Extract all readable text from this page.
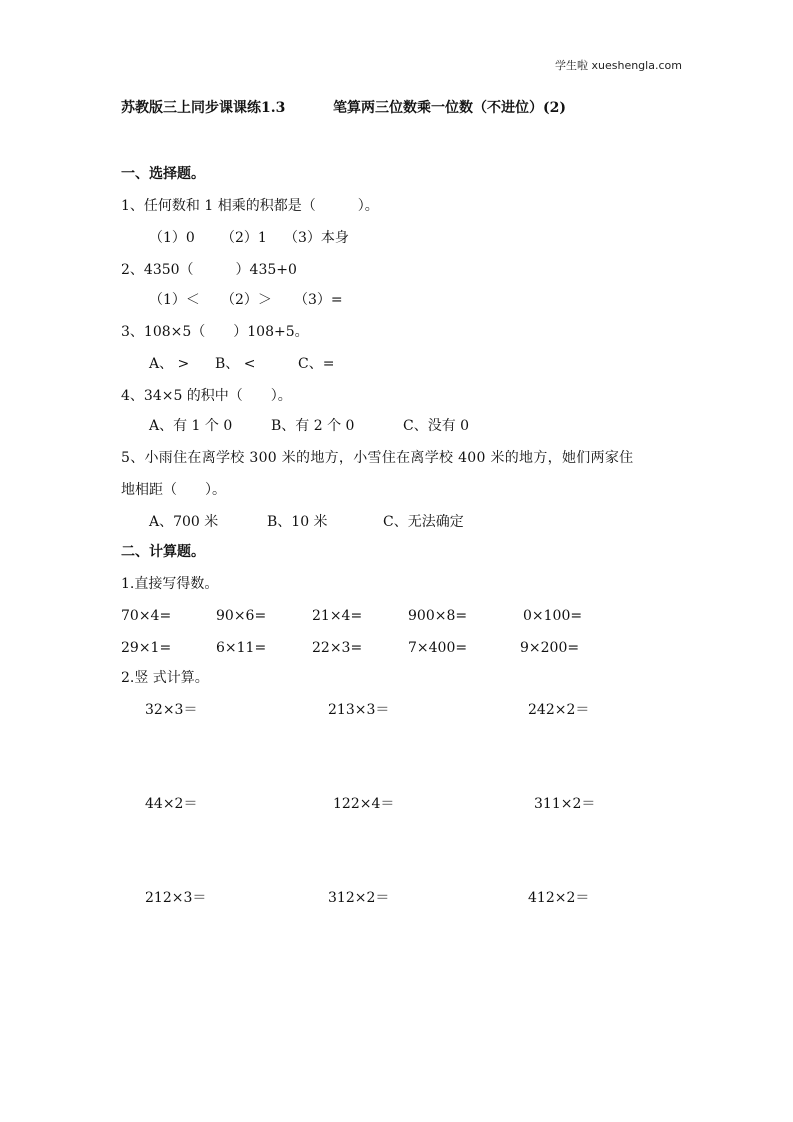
学生啦 xueshengla.com
苏教版三上同步课课练1.3	笔算两三位数乘一位数（不进位）(2)
一、选择题。
1、任何数和 1 相乘的积都是（　　　）。
（1）0 （2）1 （3）本身
2、4350（　　　）435+0
（1）＜ （2）＞ （3）=
3、108×5（　　）108+5。
A、 > B、 <	C、=
4、34×5 的积中（　　）。
A、有 1 个 0	B、有 2 个 0	C、没有 0
5、小雨住在离学校 300 米的地方，小雪住在离学校 400 米的地方，她们两家住
地相距（　　）。
A、700 米	B、10 米	C、无法确定
二、计算题。
1.直接写得数。
70×4=	90×6=	21×4=	900×8=	0×100=
29×1=	6×11=	22×3=	7×400=	9×200=
2.竖 式计算。
32×3＝	213×3＝	242×2＝
44×2＝	122×4＝	311×2＝
212×3＝	312×2＝	412×2＝
